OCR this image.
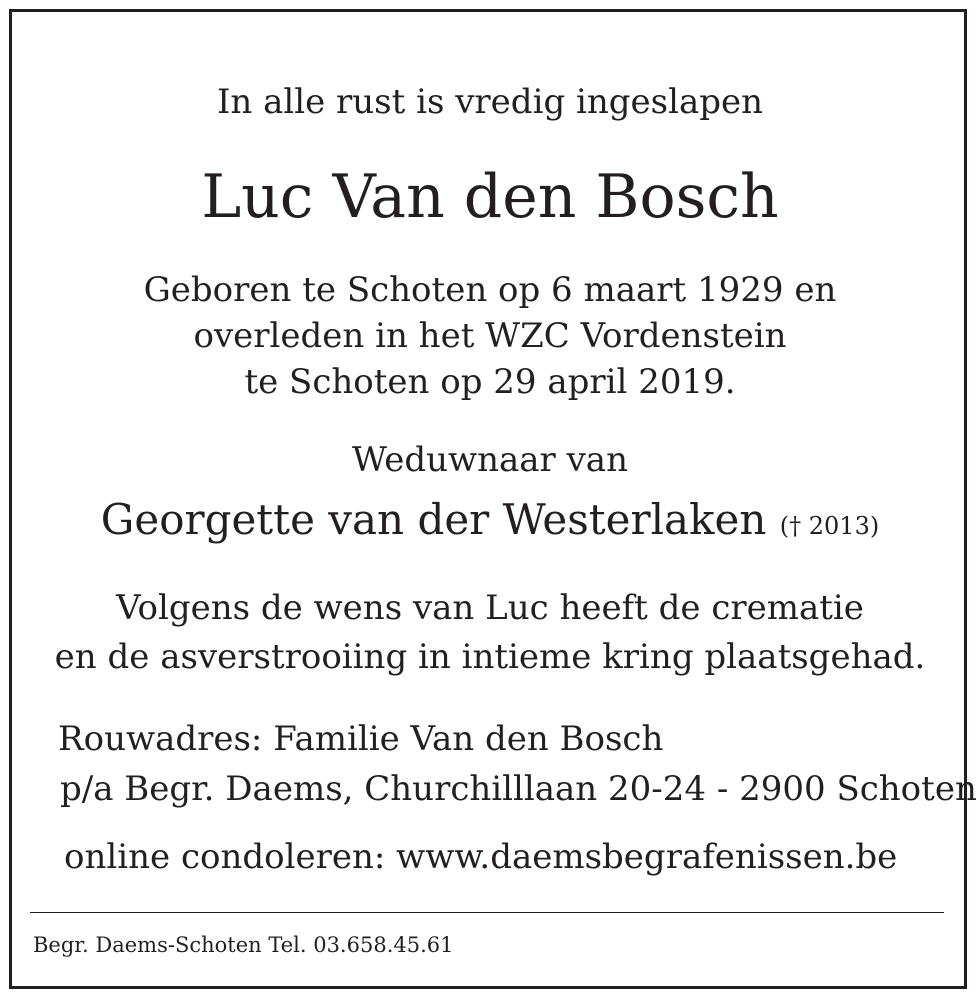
In alle rust is vredig ingeslapen
Luc Van den Bosch
Geboren te Schoten op 6 maart 1929 en
overleden in het WZC Vordenstein
te Schoten op 29 april 2019.
Weduwnaar van
Georgette van der Westerlaken († 2013)
Volgens de wens van Luc heeft de crematie
en de asverstrooiing in intieme kring plaatsgehad.
Rouwadres: Familie Van den Bosch
p/a Begr. Daems, Churchilllaan 20-24 - 2900 Schoten
online condoleren: www.daemsbegrafenissen.be
Begr. Daems-Schoten Tel. 03.658.45.61
